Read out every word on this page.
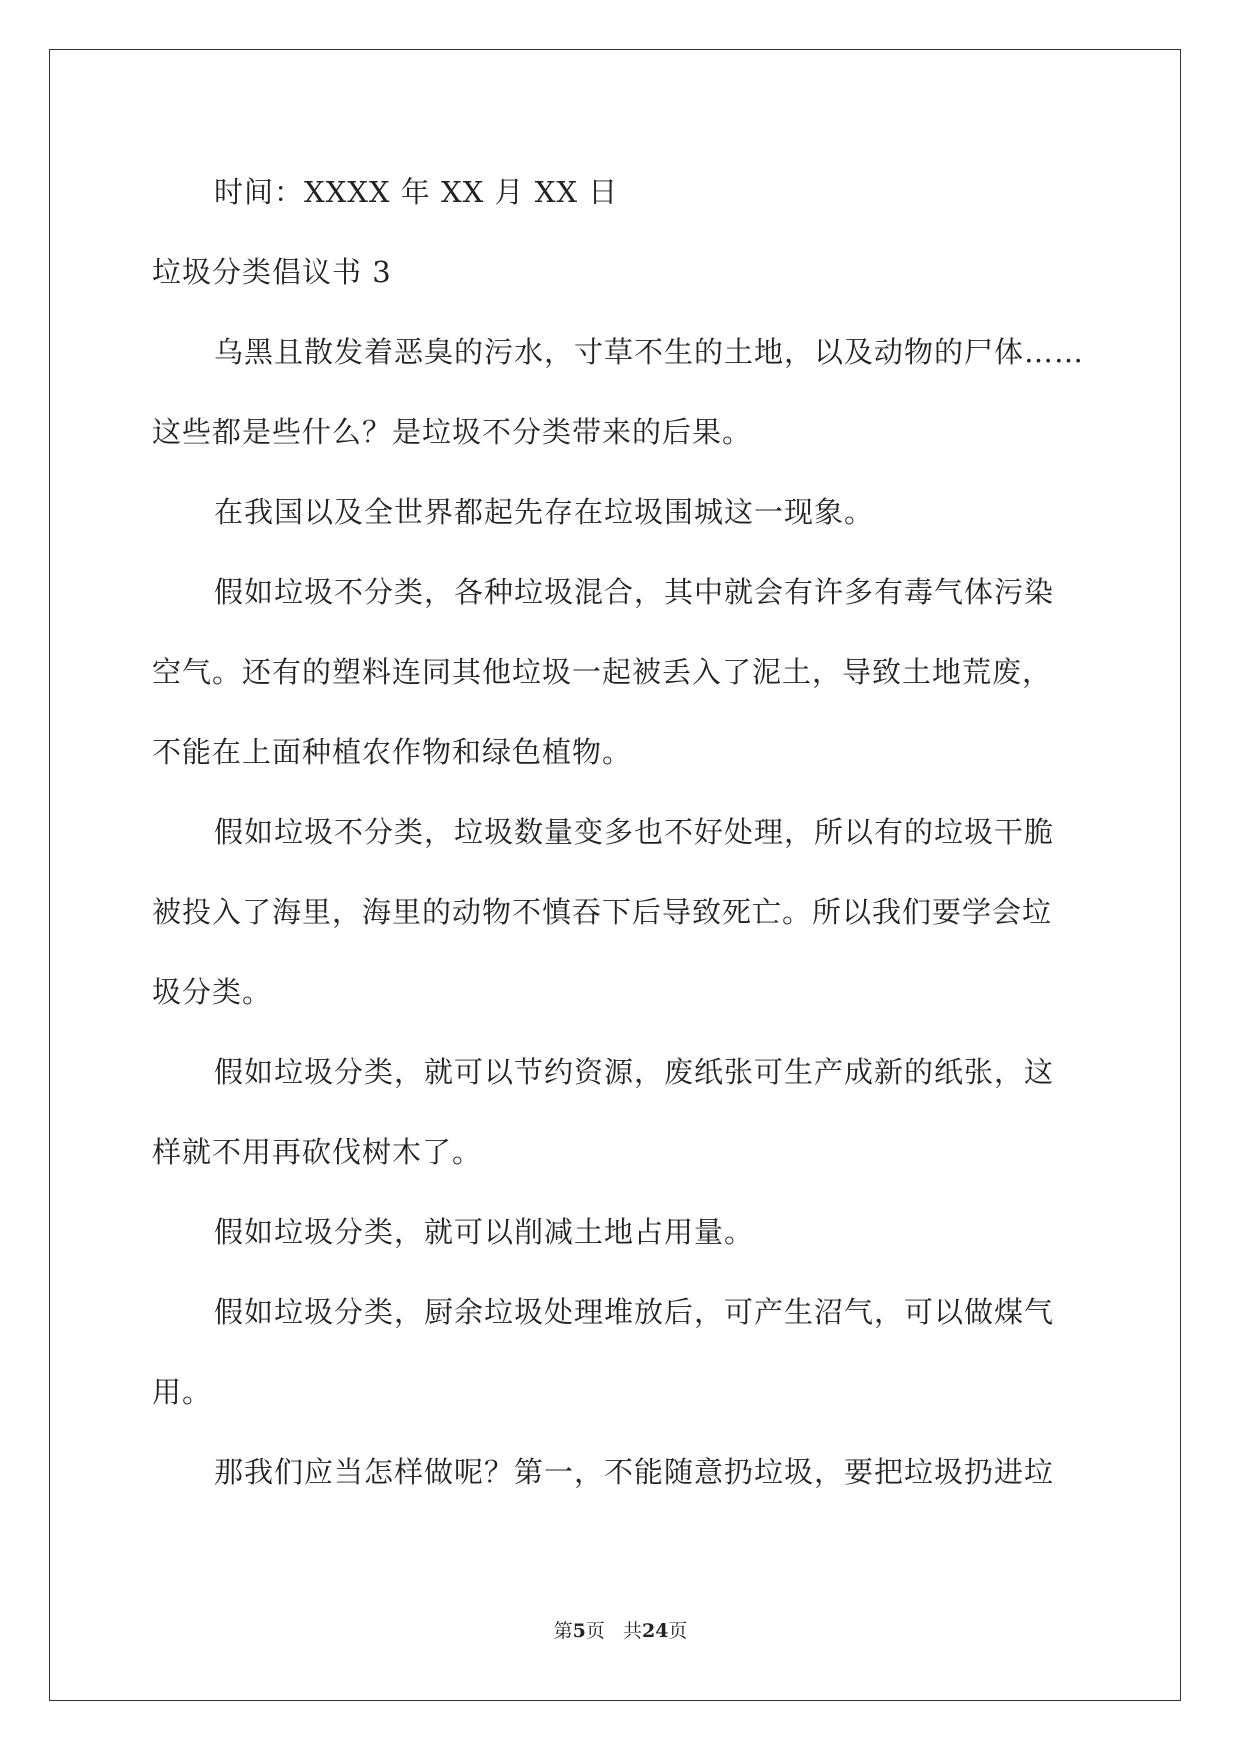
时间：XXXX 年 XX 月 XX 日
垃圾分类倡议书 3
乌黑且散发着恶臭的污水，寸草不生的土地，以及动物的尸体……
这些都是些什么？是垃圾不分类带来的后果。
在我国以及全世界都起先存在垃圾围城这一现象。
假如垃圾不分类，各种垃圾混合，其中就会有许多有毒气体污染
空气。还有的塑料连同其他垃圾一起被丢入了泥土，导致土地荒废，
不能在上面种植农作物和绿色植物。
假如垃圾不分类，垃圾数量变多也不好处理，所以有的垃圾干脆
被投入了海里，海里的动物不慎吞下后导致死亡。所以我们要学会垃
圾分类。
假如垃圾分类，就可以节约资源，废纸张可生产成新的纸张，这
样就不用再砍伐树木了。
假如垃圾分类，就可以削减土地占用量。
假如垃圾分类，厨余垃圾处理堆放后，可产生沼气，可以做煤气
用。
那我们应当怎样做呢？第一，不能随意扔垃圾，要把垃圾扔进垃
第5页 共24页
